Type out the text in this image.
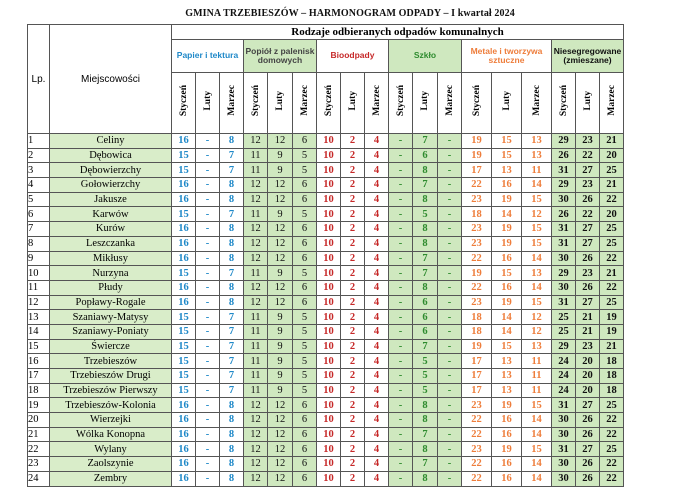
GMINA TRZEBIESZÓW – HARMONOGRAM ODPADY – I kwartał 2024
Lp.	Miejscowości	Rodzaje odbieranych odpadów komunalnych																	
		Papier i tektura			Popiół z palenisk domowych			Bioodpady			Szkło			Metale i tworzywa sztuczne			Niesegregowane (zmieszane)		
		Styczeń	Luty	Marzec	Styczeń	Luty	Marzec	Styczeń	Luty	Marzec	Styczeń	Luty	Marzec	Styczeń	Luty	Marzec	Styczeń	Luty	Marzec
1	Celiny	16	-	8	12	12	6	10	2	4	-	7	-	19	15	13	29	23	21
2	Dębowica	15	-	7	11	9	5	10	2	4	-	6	-	19	15	13	26	22	20
3	Dębowierzchy	15	-	7	11	9	5	10	2	4	-	8	-	17	13	11	31	27	25
4	Gołowierzchy	16	-	8	12	12	6	10	2	4	-	7	-	22	16	14	29	23	21
5	Jakusze	16	-	8	12	12	6	10	2	4	-	8	-	23	19	15	30	26	22
6	Karwów	15	-	7	11	9	5	10	2	4	-	5	-	18	14	12	26	22	20
7	Kurów	16	-	8	12	12	6	10	2	4	-	8	-	23	19	15	31	27	25
8	Leszczanka	16	-	8	12	12	6	10	2	4	-	8	-	23	19	15	31	27	25
9	Mikłusy	16	-	8	12	12	6	10	2	4	-	7	-	22	16	14	30	26	22
10	Nurzyna	15	-	7	11	9	5	10	2	4	-	7	-	19	15	13	29	23	21
11	Płudy	16	-	8	12	12	6	10	2	4	-	8	-	22	16	14	30	26	22
12	Popławy-Rogale	16	-	8	12	12	6	10	2	4	-	6	-	23	19	15	31	27	25
13	Szaniawy-Matysy	15	-	7	11	9	5	10	2	4	-	6	-	18	14	12	25	21	19
14	Szaniawy-Poniaty	15	-	7	11	9	5	10	2	4	-	6	-	18	14	12	25	21	19
15	Świercze	15	-	7	11	9	5	10	2	4	-	7	-	19	15	13	29	23	21
16	Trzebieszów	15	-	7	11	9	5	10	2	4	-	5	-	17	13	11	24	20	18
17	Trzebieszów Drugi	15	-	7	11	9	5	10	2	4	-	5	-	17	13	11	24	20	18
18	Trzebieszów Pierwszy	15	-	7	11	9	5	10	2	4	-	5	-	17	13	11	24	20	18
19	Trzebieszów-Kolonia	16	-	8	12	12	6	10	2	4	-	8	-	23	19	15	31	27	25
20	Wierzejki	16	-	8	12	12	6	10	2	4	-	8	-	22	16	14	30	26	22
21	Wólka Konopna	16	-	8	12	12	6	10	2	4	-	7	-	22	16	14	30	26	22
22	Wylany	16	-	8	12	12	6	10	2	4	-	8	-	23	19	15	31	27	25
23	Zaolszynie	16	-	8	12	12	6	10	2	4	-	7	-	22	16	14	30	26	22
24	Zembry	16	-	8	12	12	6	10	2	4	-	8	-	22	16	14	30	26	22
